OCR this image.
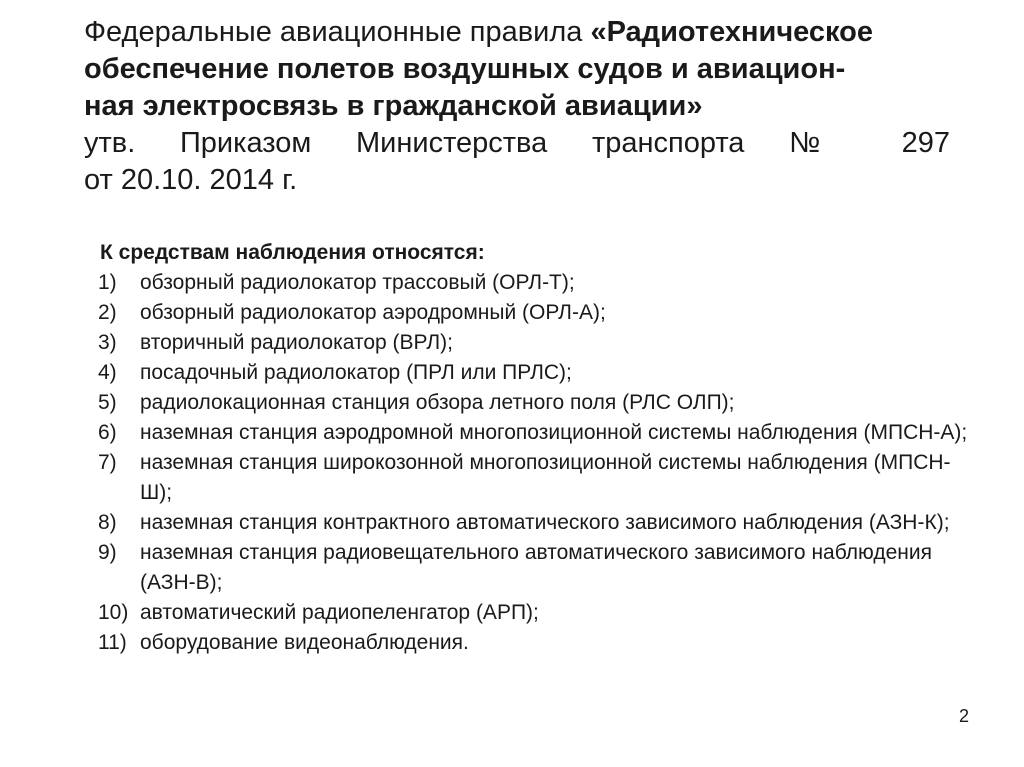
Федеральные авиационные правила «Радиотехническое
обеспечение полетов воздушных судов и авиацион-
ная электросвязь в гражданской авиации»
утв. Приказом Министерства транспорта № 297
от 20.10. 2014 г.
К средствам наблюдения относятся:
1)	обзорный радиолокатор трассовый (ОРЛ-Т);
2)	обзорный радиолокатор аэродромный (ОРЛ-А);
3)	вторичный радиолокатор (ВРЛ);
4)	посадочный радиолокатор (ПРЛ или ПРЛС);
5)	радиолокационная станция обзора летного поля (РЛС ОЛП);
6)	наземная станция аэродромной многопозиционной системы наблюдения (МПСН-А);
7)	наземная станция широкозонной многопозиционной системы наблюдения (МПСН-Ш);
8)	наземная станция контрактного автоматического зависимого наблюдения (АЗН-К);
9)	наземная станция радиовещательного автоматического зависимого наблюдения (АЗН-В);
10) автоматический радиопеленгатор (АРП);
11) оборудование видеонаблюдения.
2
